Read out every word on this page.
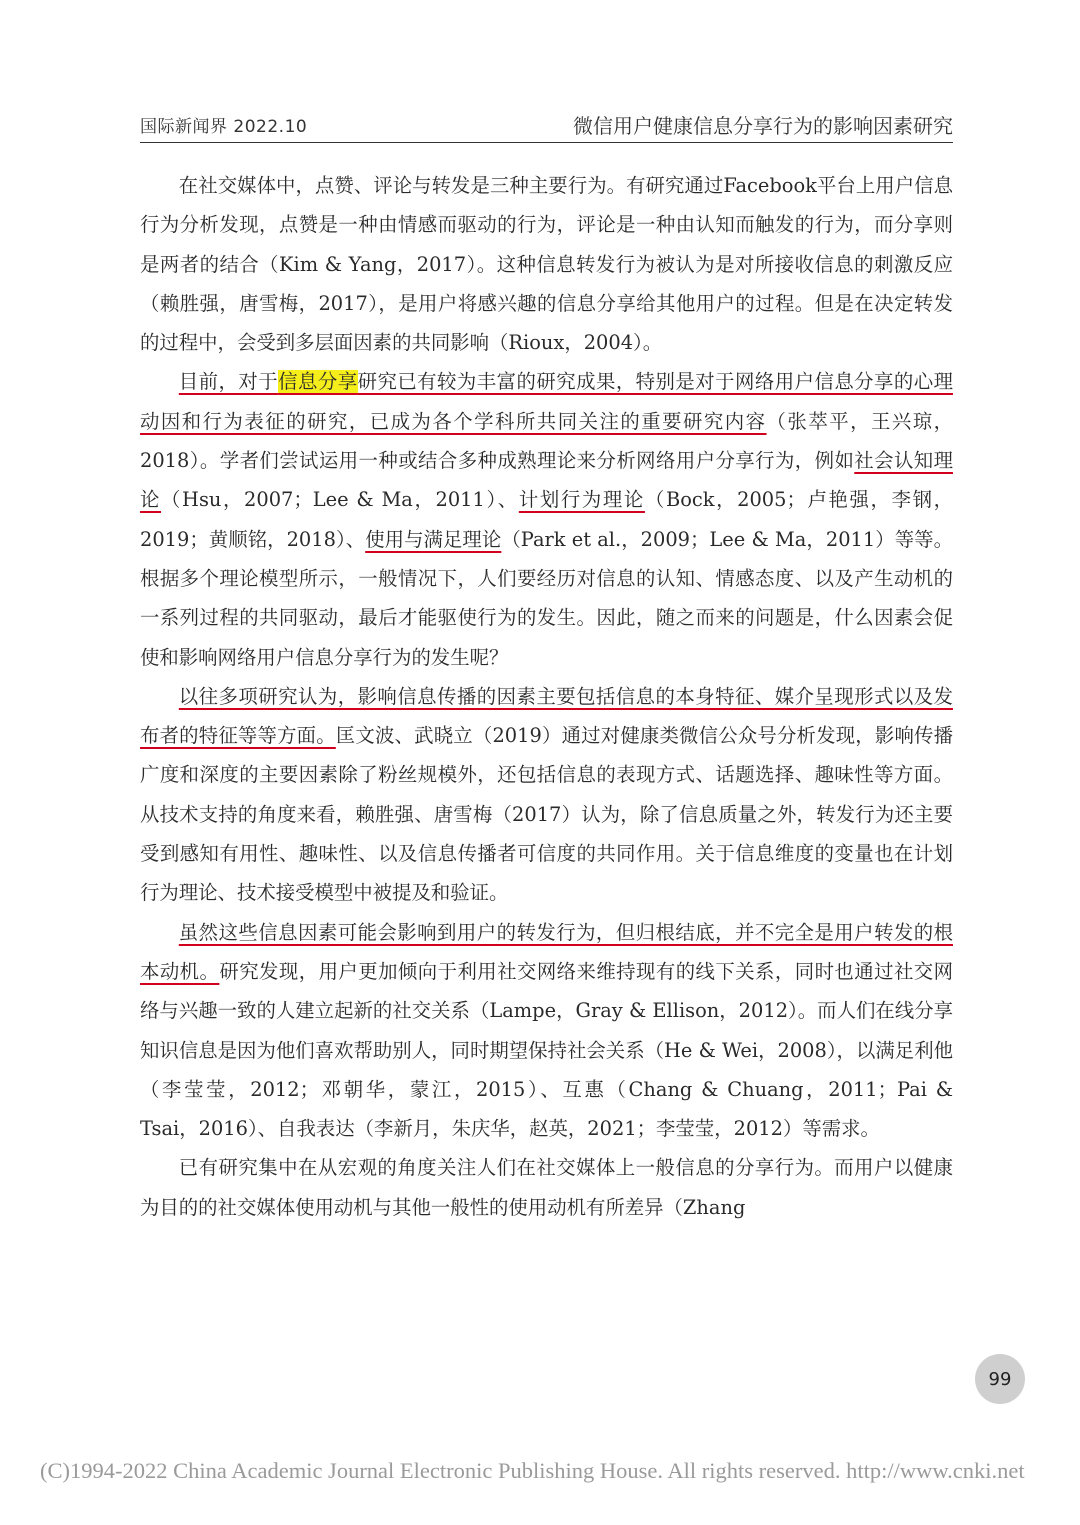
国际新闻界 2022.10	微信用户健康信息分享行为的影响因素研究

在社交媒体中，点赞、评论与转发是三种主要行为。有研究通过Facebook平台上用户信息行为分析发现，点赞是一种由情感而驱动的行为，评论是一种由认知而触发的行为，而分享则是两者的结合（Kim & Yang，2017）。这种信息转发行为被认为是对所接收信息的刺激反应（赖胜强，唐雪梅，2017），是用户将感兴趣的信息分享给其他用户的过程。但是在决定转发的过程中，会受到多层面因素的共同影响（Rioux，2004）。

目前，对于信息分享研究已有较为丰富的研究成果，特别是对于网络用户信息分享的心理动因和行为表征的研究，已成为各个学科所共同关注的重要研究内容（张萃平，王兴琼，2018）。学者们尝试运用一种或结合多种成熟理论来分析网络用户分享行为，例如社会认知理论（Hsu，2007；Lee & Ma，2011）、计划行为理论（Bock，2005；卢艳强，李钢，2019；黄顺铭，2018）、使用与满足理论（Park et al.，2009；Lee & Ma，2011）等等。根据多个理论模型所示，一般情况下，人们要经历对信息的认知、情感态度、以及产生动机的一系列过程的共同驱动，最后才能驱使行为的发生。因此，随之而来的问题是，什么因素会促使和影响网络用户信息分享行为的发生呢？

以往多项研究认为，影响信息传播的因素主要包括信息的本身特征、媒介呈现形式以及发布者的特征等等方面。匡文波、武晓立（2019）通过对健康类微信公众号分析发现，影响传播广度和深度的主要因素除了粉丝规模外，还包括信息的表现方式、话题选择、趣味性等方面。从技术支持的角度来看，赖胜强、唐雪梅（2017）认为，除了信息质量之外，转发行为还主要受到感知有用性、趣味性、以及信息传播者可信度的共同作用。关于信息维度的变量也在计划行为理论、技术接受模型中被提及和验证。

虽然这些信息因素可能会影响到用户的转发行为，但归根结底，并不完全是用户转发的根本动机。研究发现，用户更加倾向于利用社交网络来维持现有的线下关系，同时也通过社交网络与兴趣一致的人建立起新的社交关系（Lampe，Gray & Ellison，2012）。而人们在线分享知识信息是因为他们喜欢帮助别人，同时期望保持社会关系（He & Wei，2008），以满足利他（李莹莹，2012；邓朝华，蒙江，2015）、互惠（Chang & Chuang，2011；Pai & Tsai，2016）、自我表达（李新月，朱庆华，赵英，2021；李莹莹，2012）等需求。

已有研究集中在从宏观的角度关注人们在社交媒体上一般信息的分享行为。而用户以健康为目的的社交媒体使用动机与其他一般性的使用动机有所差异（Zhang

99
(C)1994-2022 China Academic Journal Electronic Publishing House. All rights reserved. http://www.cnki.net
